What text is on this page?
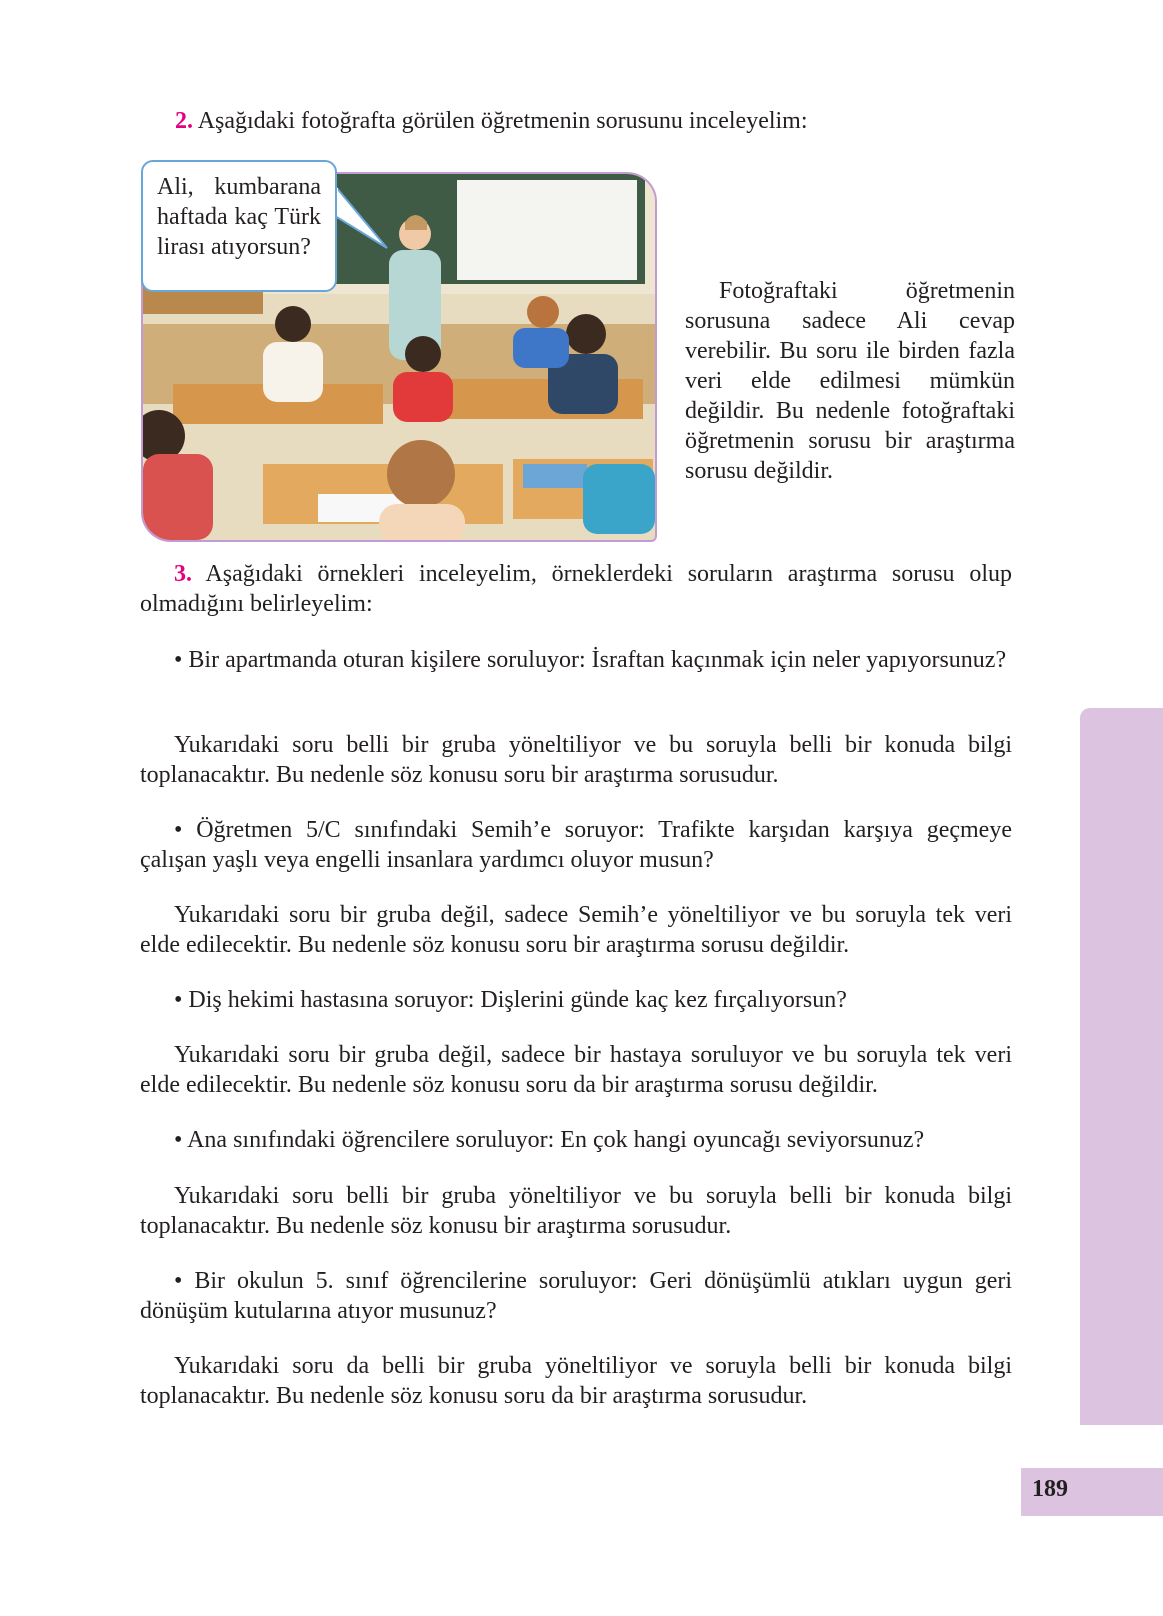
2. Aşağıdaki fotoğrafta görülen öğretmenin sorusunu inceleyelim:

Ali, kumbarana haftada kaç Türk lirası atıyorsun?

Fotoğraftaki öğretmenin sorusuna sadece Ali cevap verebilir. Bu soru ile birden fazla veri elde edilmesi mümkün değildir. Bu nedenle fotoğraftaki öğretmenin sorusu bir araştırma sorusu değildir.

3. Aşağıdaki örnekleri inceleyelim, örneklerdeki soruların araştırma sorusu olup olmadığını belirleyelim:

• Bir apartmanda oturan kişilere soruluyor: İsraftan kaçınmak için neler yapıyorsunuz?

Yukarıdaki soru belli bir gruba yöneltiliyor ve bu soruyla belli bir konuda bilgi toplanacaktır. Bu nedenle söz konusu soru bir araştırma sorusudur.

• Öğretmen 5/C sınıfındaki Semih’e soruyor: Trafikte karşıdan karşıya geçmeye çalışan yaşlı veya engelli insanlara yardımcı oluyor musun?

Yukarıdaki soru bir gruba değil, sadece Semih’e yöneltiliyor ve bu soruyla tek veri elde edilecektir. Bu nedenle söz konusu soru bir araştırma sorusu değildir.

• Diş hekimi hastasına soruyor: Dişlerini günde kaç kez fırçalıyorsun?

Yukarıdaki soru bir gruba değil, sadece bir hastaya soruluyor ve bu soruyla tek veri elde edilecektir. Bu nedenle söz konusu soru da bir araştırma sorusu değildir.

• Ana sınıfındaki öğrencilere soruluyor: En çok hangi oyuncağı seviyorsunuz?

Yukarıdaki soru belli bir gruba yöneltiliyor ve bu soruyla belli bir konuda bilgi toplanacaktır. Bu nedenle söz konusu bir araştırma sorusudur.

• Bir okulun 5. sınıf öğrencilerine soruluyor: Geri dönüşümlü atıkları uygun geri dönüşüm kutularına atıyor musunuz?

Yukarıdaki soru da belli bir gruba yöneltiliyor ve soruyla belli bir konuda bilgi toplanacaktır. Bu nedenle söz konusu soru da bir araştırma sorusudur.

189
